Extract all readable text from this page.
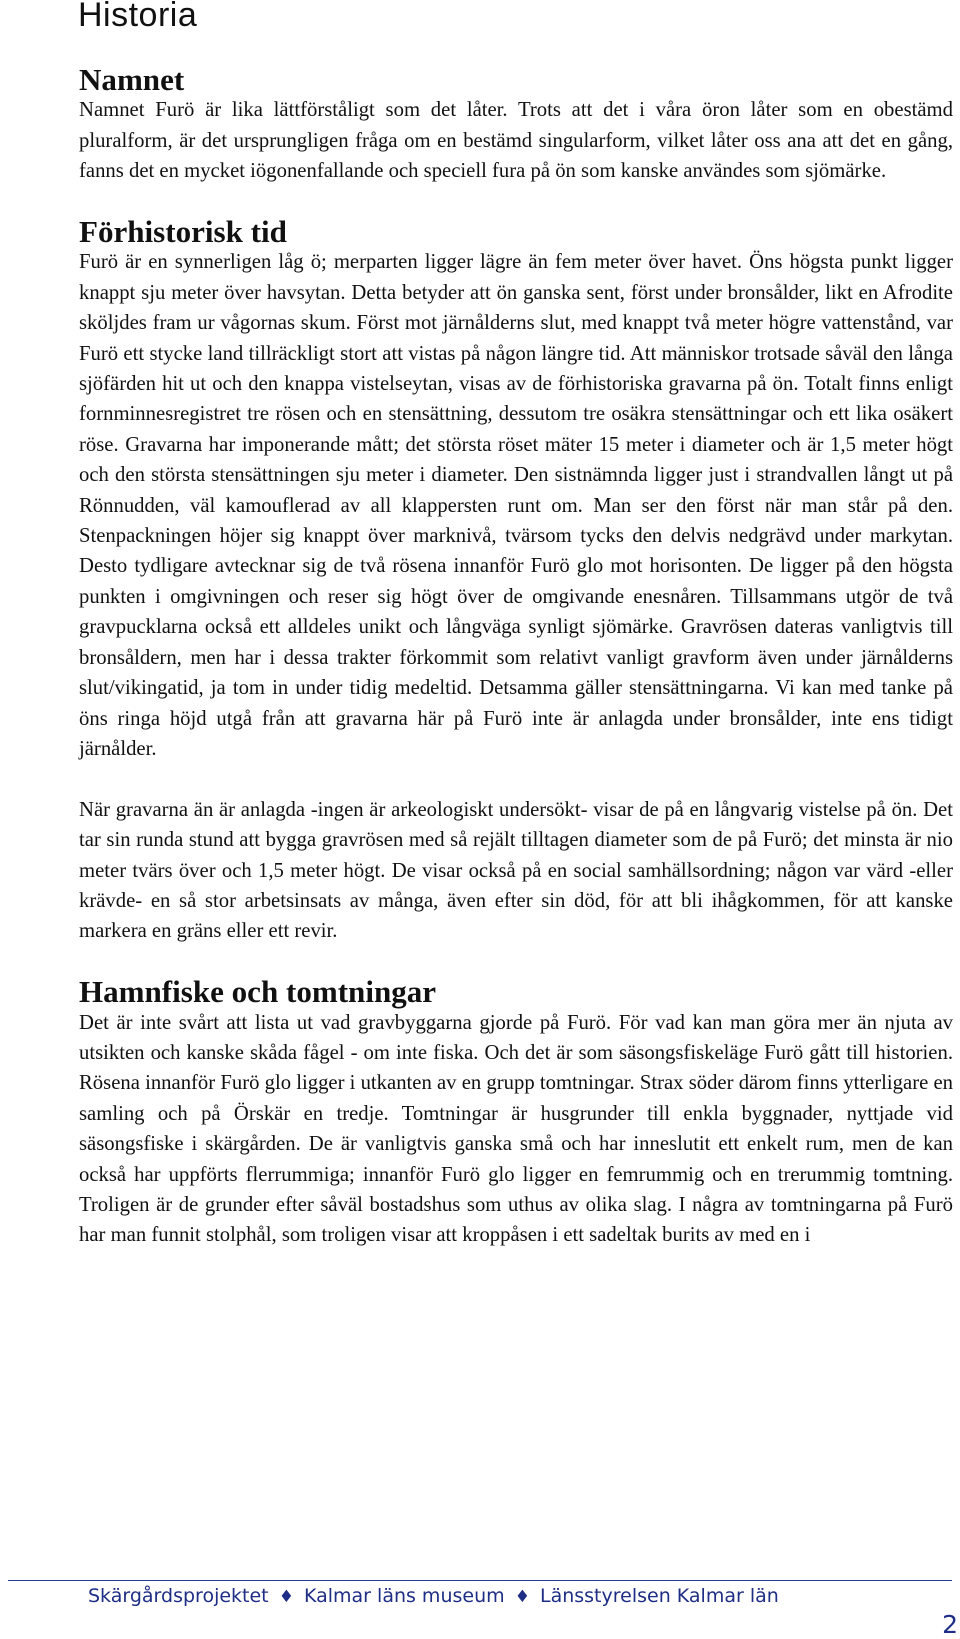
Historia
Namnet

Namnet Furö är lika lättförståligt som det låter. Trots att det i våra öron låter som en obestämd pluralform, är det ursprungligen fråga om en bestämd singularform, vilket låter oss ana att det en gång, fanns det en mycket iögonenfallande och speciell fura på ön som kanske användes som sjömärke.

Förhistorisk tid

Furö är en synnerligen låg ö; merparten ligger lägre än fem meter över havet. Öns högsta punkt ligger knappt sju meter över havsytan. Detta betyder att ön ganska sent, först under bronsålder, likt en Afrodite sköljdes fram ur vågornas skum. Först mot järnålderns slut, med knappt två meter högre vattenstånd, var Furö ett stycke land tillräckligt stort att vistas på någon längre tid. Att människor trotsade såväl den långa sjöfärden hit ut och den knappa vistelseytan, visas av de förhistoriska gravarna på ön. Totalt finns enligt fornminnesregistret tre rösen och en stensättning, dessutom tre osäkra stensättningar och ett lika osäkert röse. Gravarna har imponerande mått; det största röset mäter 15 meter i diameter och är 1,5 meter högt och den största stensättningen sju meter i diameter. Den sistnämnda ligger just i strandvallen långt ut på Rönnudden, väl kamouflerad av all klappersten runt om. Man ser den först när man står på den. Stenpackningen höjer sig knappt över marknivå, tvärsom tycks den delvis nedgrävd under markytan. Desto tydligare avtecknar sig de två rösena innanför Furö glo mot horisonten. De ligger på den högsta punkten i omgivningen och reser sig högt över de omgivande enesnåren. Tillsammans utgör de två gravpucklarna också ett alldeles unikt och långväga synligt sjömärke. Gravrösen dateras vanligtvis till bronsåldern, men har i dessa trakter förkommit som relativt vanligt gravform även under järnålderns slut/vikingatid, ja tom in under tidig medeltid. Detsamma gäller stensättningarna. Vi kan med tanke på öns ringa höjd utgå från att gravarna här på Furö inte är anlagda under bronsålder, inte ens tidigt järnålder.

När gravarna än är anlagda -ingen är arkeologiskt undersökt- visar de på en långvarig vistelse på ön. Det tar sin runda stund att bygga gravrösen med så rejält tilltagen diameter som de på Furö; det minsta är nio meter tvärs över och 1,5 meter högt. De visar också på en social samhällsordning; någon var värd -eller krävde- en så stor arbetsinsats av många, även efter sin död, för att bli ihågkommen, för att kanske markera en gräns eller ett revir.

Hamnfiske och tomtningar

Det är inte svårt att lista ut vad gravbyggarna gjorde på Furö. För vad kan man göra mer än njuta av utsikten och kanske skåda fågel - om inte fiska. Och det är som säsongsfiskeläge Furö gått till historien. Rösena innanför Furö glo ligger i utkanten av en grupp tomtningar. Strax söder därom finns ytterligare en samling och på Örskär en tredje. Tomtningar är husgrunder till enkla byggnader, nyttjade vid säsongsfiske i skärgården. De är vanligtvis ganska små och har inneslutit ett enkelt rum, men de kan också har uppförts flerrummiga; innanför Furö glo ligger en femrummig och en trerummig tomtning. Troligen är de grunder efter såväl bostadshus som uthus av olika slag. I några av tomtningarna på Furö har man funnit stolphål, som troligen visar att kroppåsen i ett sadeltak burits av med en i

Skärgårdsprojektet ♦ Kalmar läns museum ♦ Länsstyrelsen Kalmar län
2
